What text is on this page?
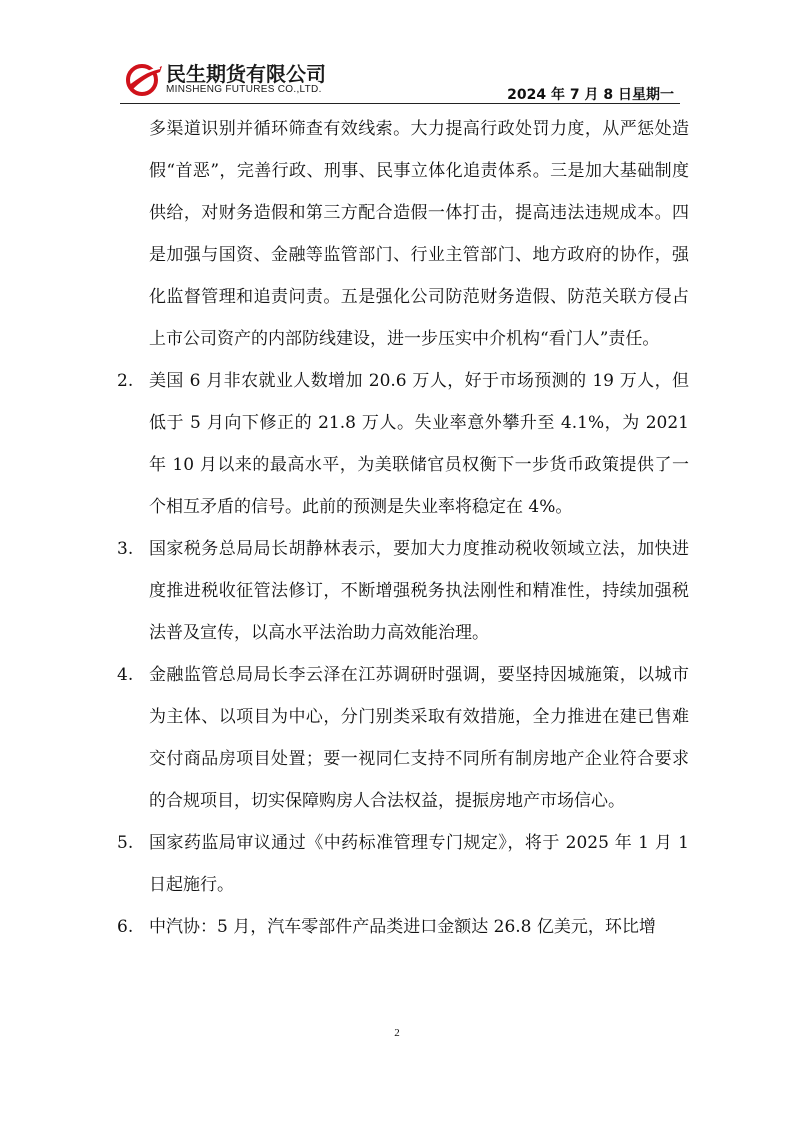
民生期货有限公司
MINSHENG FUTURES CO.,LTD.	2024 年 7 月 8 日星期一
多渠道识别并循环筛查有效线索。大力提高行政处罚力度，从严惩处造假“首恶”，完善行政、刑事、民事立体化追责体系。三是加大基础制度供给，对财务造假和第三方配合造假一体打击，提高违法违规成本。四是加强与国资、金融等监管部门、行业主管部门、地方政府的协作，强化监督管理和追责问责。五是强化公司防范财务造假、防范关联方侵占上市公司资产的内部防线建设，进一步压实中介机构“看门人”责任。
2. 美国 6 月非农就业人数增加 20.6 万人，好于市场预测的 19 万人，但低于 5 月向下修正的 21.8 万人。失业率意外攀升至 4.1%，为 2021 年 10 月以来的最高水平，为美联储官员权衡下一步货币政策提供了一个相互矛盾的信号。此前的预测是失业率将稳定在 4%。
3. 国家税务总局局长胡静林表示，要加大力度推动税收领域立法，加快进度推进税收征管法修订，不断增强税务执法刚性和精准性，持续加强税法普及宣传，以高水平法治助力高效能治理。
4. 金融监管总局局长李云泽在江苏调研时强调，要坚持因城施策，以城市为主体、以项目为中心，分门别类采取有效措施，全力推进在建已售难交付商品房项目处置；要一视同仁支持不同所有制房地产企业符合要求的合规项目，切实保障购房人合法权益，提振房地产市场信心。
5. 国家药监局审议通过《中药标准管理专门规定》，将于 2025 年 1 月 1 日起施行。
6. 中汽协：5 月，汽车零部件产品类进口金额达 26.8 亿美元，环比增
2
